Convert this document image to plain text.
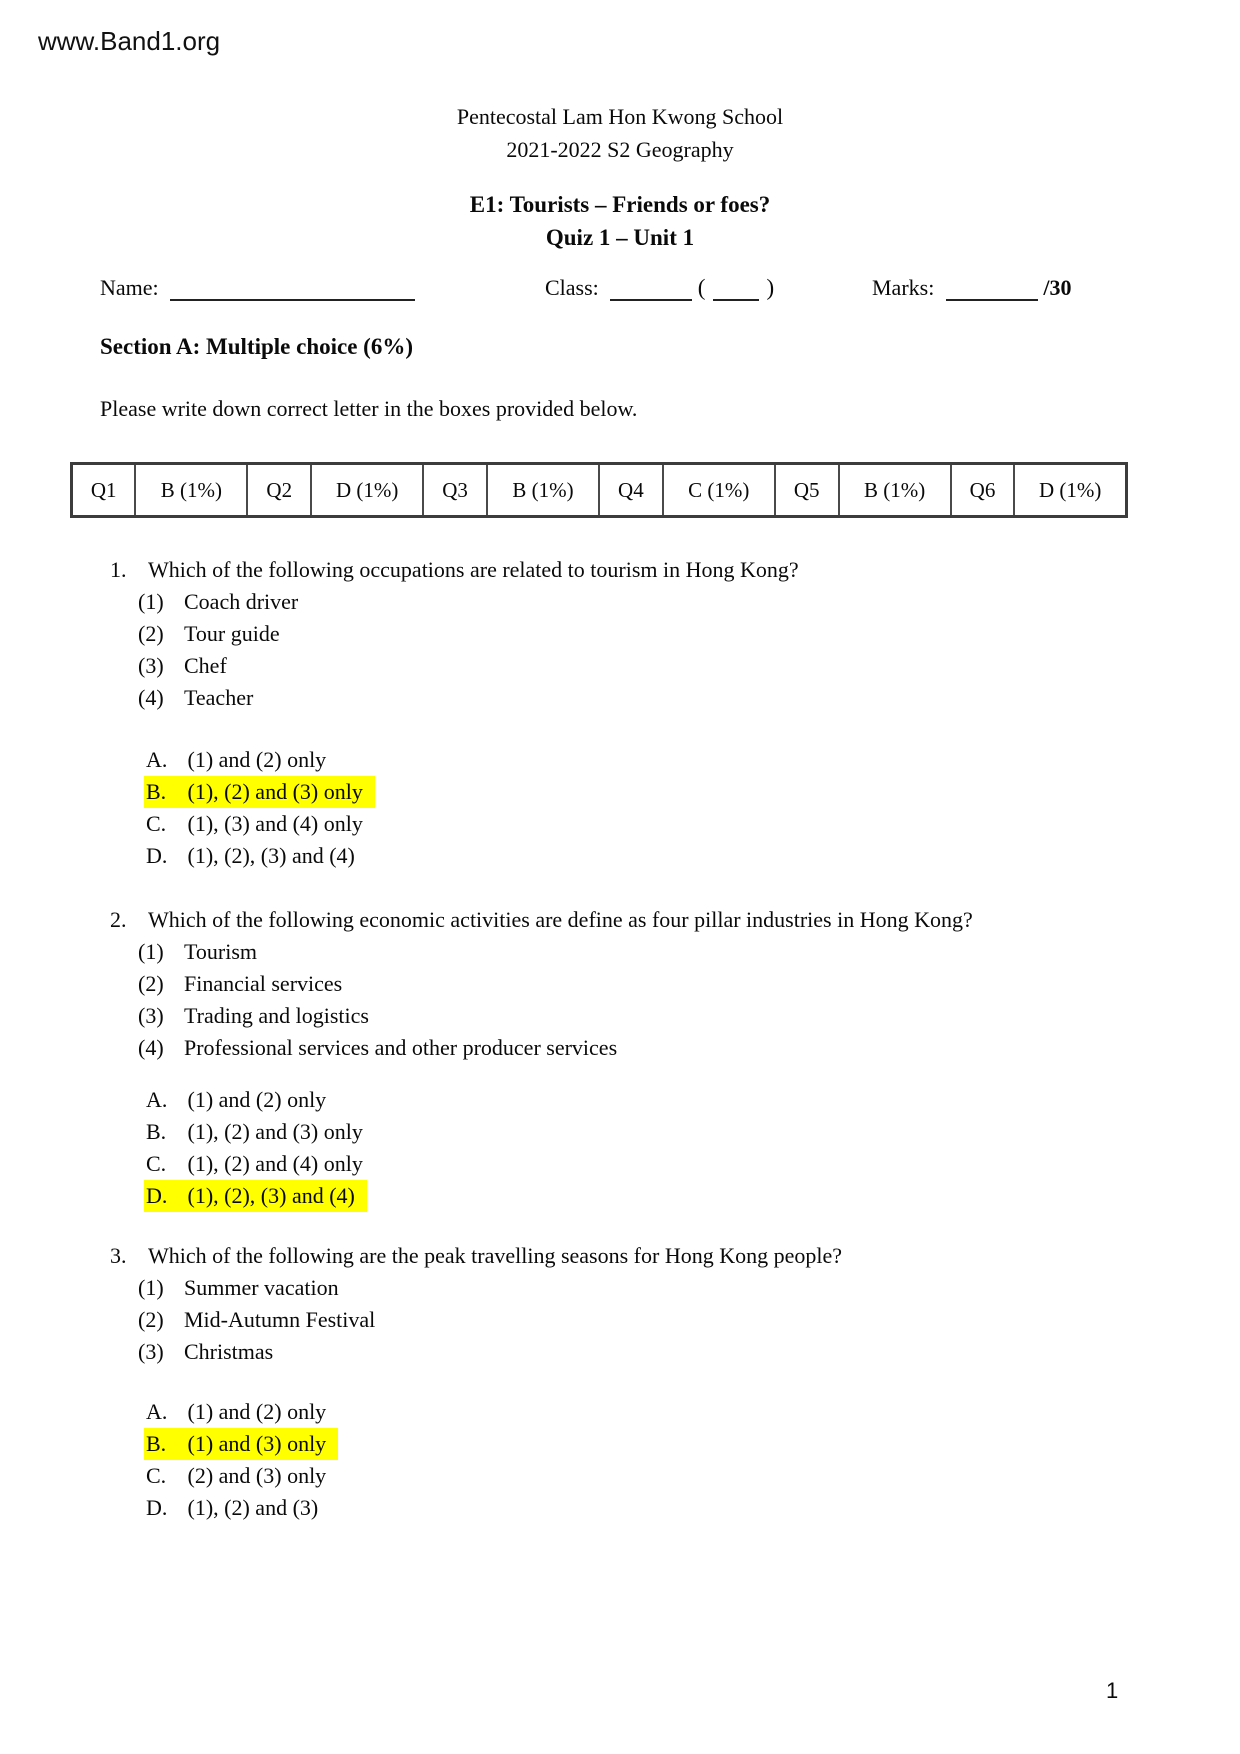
www.Band1.org
Pentecostal Lam Hon Kwong School
2021-2022 S2 Geography
E1: Tourists – Friends or foes?
Quiz 1 – Unit 1
Name:	Class:	(	)	Marks:	/30
Section A: Multiple choice (6%)
Please write down correct letter in the boxes provided below.
Q1	B (1%)	Q2	D (1%)	Q3	B (1%)	Q4	C (1%)	Q5	B (1%)	Q6	D (1%)
1. Which of the following occupations are related to tourism in Hong Kong?
(1) Coach driver
(2) Tour guide
(3) Chef
(4) Teacher
A. (1) and (2) only
B. (1), (2) and (3) only
C. (1), (3) and (4) only
D. (1), (2), (3) and (4)
2. Which of the following economic activities are define as four pillar industries in Hong Kong?
(1) Tourism
(2) Financial services
(3) Trading and logistics
(4) Professional services and other producer services
A. (1) and (2) only
B. (1), (2) and (3) only
C. (1), (2) and (4) only
D. (1), (2), (3) and (4)
3. Which of the following are the peak travelling seasons for Hong Kong people?
(1) Summer vacation
(2) Mid-Autumn Festival
(3) Christmas
A. (1) and (2) only
B. (1) and (3) only
C. (2) and (3) only
D. (1), (2) and (3)
1
